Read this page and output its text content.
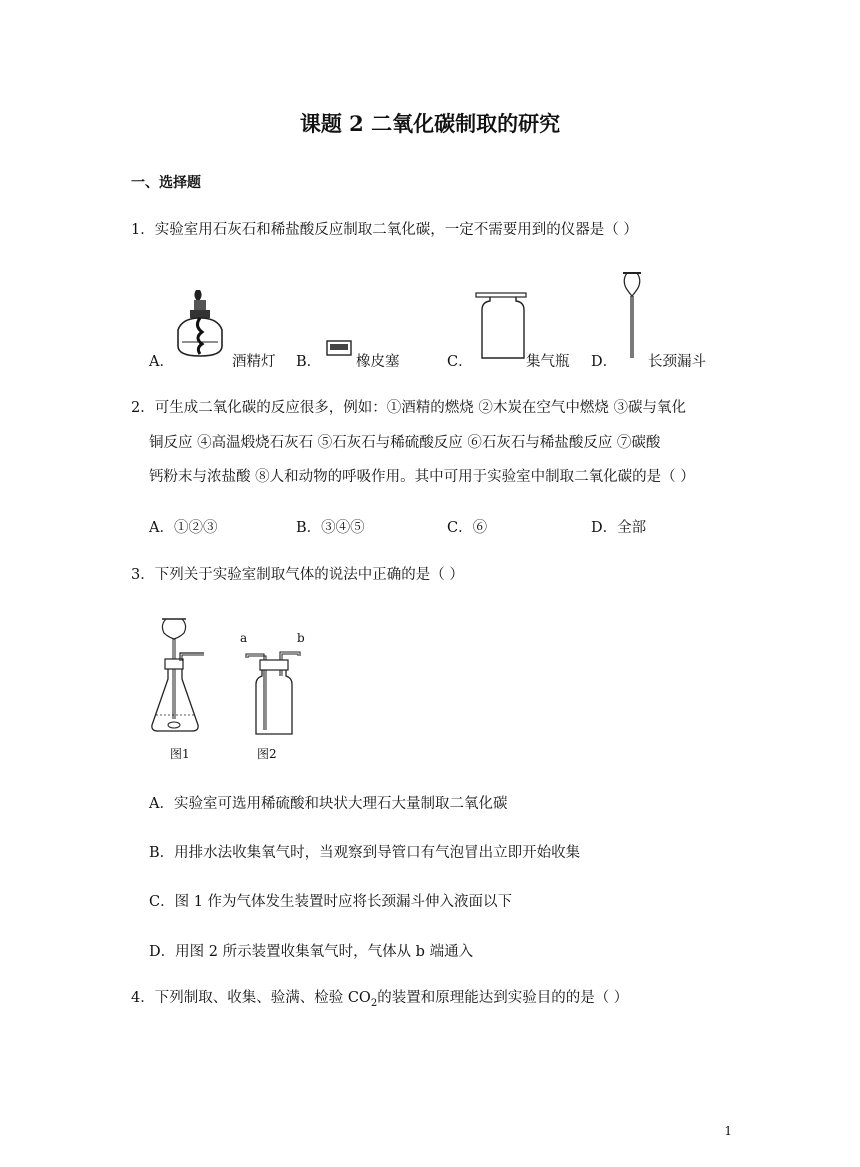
课题 2 二氧化碳制取的研究
一、选择题
1．实验室用石灰石和稀盐酸反应制取二氧化碳，一定不需要用到的仪器是（ ）
A．	酒精灯 B． 橡皮塞	C．	集气瓶 D． 长颈漏斗
2．可生成二氧化碳的反应很多，例如：①酒精的燃烧 ②木炭在空气中燃烧 ③碳与氧化
铜反应 ④高温煅烧石灰石 ⑤石灰石与稀硫酸反应 ⑥石灰石与稀盐酸反应 ⑦碳酸
钙粉末与浓盐酸 ⑧人和动物的呼吸作用。其中可用于实验室中制取二氧化碳的是（ ）
A．①②③	B．③④⑤	C．⑥	D．全部
3．下列关于实验室制取气体的说法中正确的是（ ）
图1
a	b
图2
A．实验室可选用稀硫酸和块状大理石大量制取二氧化碳
B．用排水法收集氧气时，当观察到导管口有气泡冒出立即开始收集
C．图 1 作为气体发生装置时应将长颈漏斗伸入液面以下
D．用图 2 所示装置收集氧气时，气体从 b 端通入
4．下列制取、收集、验满、检验 $CO_2$的装置和原理能达到实验目的的是（ ）
1
